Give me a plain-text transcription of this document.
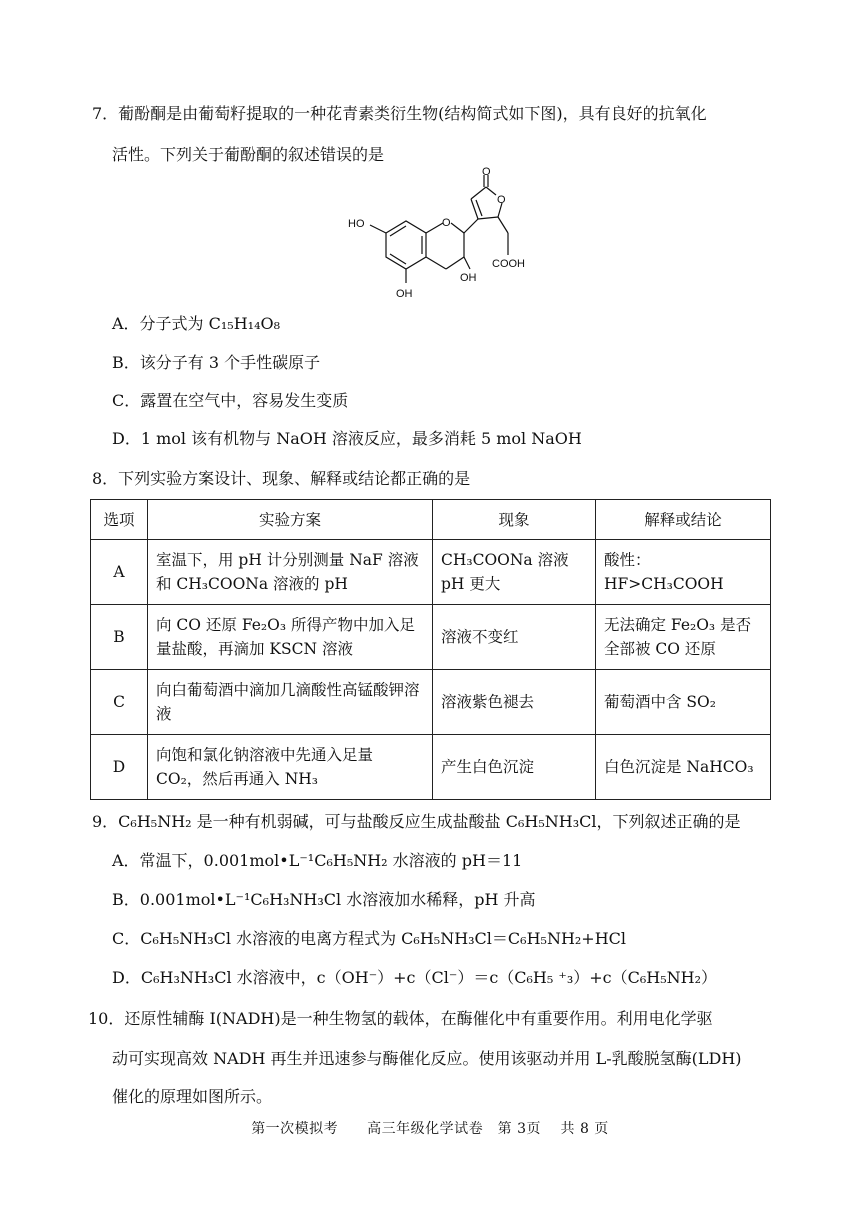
7．葡酚酮是由葡萄籽提取的一种花青素类衍生物(结构简式如下图)，具有良好的抗氧化

活性。下列关于葡酚酮的叙述错误的是

O
O
O
HO
OH
OH
COOH

A．分子式为 C₁₅H₁₄O₈

B．该分子有 3 个手性碳原子

C．露置在空气中，容易发生变质

D．1 mol 该有机物与 NaOH 溶液反应，最多消耗 5 mol NaOH

8．下列实验方案设计、现象、解释或结论都正确的是

选项	实验方案	现象	解释或结论
A	室温下，用 pH 计分别测量 NaF 溶液和 CH₃COONa 溶液的 pH	CH₃COONa 溶液 pH 更大	酸性：HF>CH₃COOH
B	向 CO 还原 Fe₂O₃ 所得产物中加入足量盐酸，再滴加 KSCN 溶液	溶液不变红	无法确定 Fe₂O₃ 是否全部被 CO 还原
C	向白葡萄酒中滴加几滴酸性高锰酸钾溶液	溶液紫色褪去	葡萄酒中含 SO₂
D	向饱和氯化钠溶液中先通入足量 CO₂，然后再通入 NH₃	产生白色沉淀	白色沉淀是 NaHCO₃

9．C₆H₅NH₂ 是一种有机弱碱，可与盐酸反应生成盐酸盐 C₆H₅NH₃Cl，下列叙述正确的是

A．常温下，0.001mol•L⁻¹C₆H₅NH₂ 水溶液的 pH＝11

B．0.001mol•L⁻¹C₆H₃NH₃Cl 水溶液加水稀释，pH 升高

C．C₆H₅NH₃Cl 水溶液的电离方程式为 C₆H₅NH₃Cl＝C₆H₅NH₂+HCl

D．C₆H₃NH₃Cl 水溶液中，c（OH⁻）+c（Cl⁻）＝c（C₆H₅ ⁺₃）+c（C₆H₅NH₂）

10．还原性辅酶 I(NADH)是一种生物氢的载体，在酶催化中有重要作用。利用电化学驱

动可实现高效 NADH 再生并迅速参与酶催化反应。使用该驱动并用 L-乳酸脱氢酶(LDH)

催化的原理如图所示。

第一次模拟考　　高三年级化学试卷　第 3页　 共 8 页
